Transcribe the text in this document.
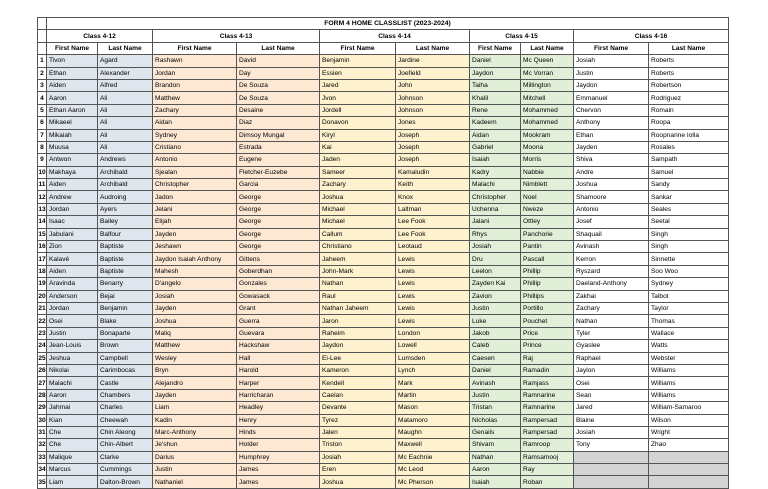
	FORM 4 HOME CLASSLIST (2023-2024)									
	Class 4-12		Class 4-13		Class 4-14		Class 4-15		Class 4-16	
	First Name	Last Name	First Name	Last Name	First Name	Last Name	First Name	Last Name	First Name	Last Name
1	Tivon	Agard	Rashawn	David	Benjamin	Jardine	Daniel	Mc Queen	Josiah	Roberts
2	Ethan	Alexander	Jordan	Day	Essien	Joefield	Jaydon	Mc Vorran	Justin	Roberts
3	Aiden	Alfred	Brandon	De Souza	Jared	John	Taiha	Millington	Jaydon	Robertson
4	Aaron	Ali	Matthew	De Souza	Jvon	Johnson	Khalil	Mitchell	Emmanuel	Rodriguez
5	Ethan Aaron	Ali	Zachary	Desaine	Jordell	Johnson	Rene	Mohammed	Chervon	Romain
6	Mikaeel	Ali	Aidan	Diaz	Donavon	Jones	Kadeem	Mohammed	Anthony	Roopa
7	Mikaiah	Ali	Sydney	Dimsoy Mungal	Kiryl	Joseph	Aidan	Mookram	Ethan	Roopnarine Iolla
8	Muusa	Ali	Cristiano	Estrada	Kai	Joseph	Gabriel	Moona	Jayden	Rosales
9	Antwon	Andrews	Antonio	Eugene	Jaden	Joseph	Isaiah	Morris	Shiva	Sampath
10	Makhaya	Archibald	Sjealan	Fletcher-Euzebe	Sameer	Kamaludin	Kadry	Nabbie	Andre	Samuel
11	Aiden	Archibald	Christopher	Garcia	Zachary	Keith	Malachi	Nimblett	Joshua	Sandy
12	Andrew	Audroing	Jadon	George	Joshua	Knox	Christopher	Noel	Shamoore	Sankar
13	Jordan	Ayers	Jelani	George	Michael	Laltman	Uchenna	Nweze	Antonio	Seales
14	Isaac	Bailey	Elijah	George	Michael	Lee Fook	Jalani	Ottley	Josef	Seetal
15	Jabulani	Balfour	Jayden	George	Callum	Lee Fook	Rhys	Panchorie	Shaquail	Singh
16	Zion	Baptiste	Jeshawn	George	Christiano	Leotaud	Josiah	Pantin	Avinash	Singh
17	Kalavé	Baptiste	Jaydon Isaiah Anthony	Gittens	Jaheem	Lewis	Dru	Pascall	Kerron	Sinnette
18	Aiden	Baptiste	Mahesh	Goberdhan	John-Mark	Lewis	Leelon	Phillip	Ryszard	Soo Woo
19	Aravinda	Benarry	D'angelo	Gonzales	Nathan	Lewis	Zayden Kai	Phillip	Daeland-Anthony	Sydney
20	Anderson	Bejai	Josiah	Gowasack	Raul	Lewis	Zavion	Phillips	Zakhai	Talbot
21	Jordan	Benjamin	Jayden	Grant	Nathan Jaheem	Lewis	Justin	Portillo	Zachary	Taylor
22	Osei	Blake	Joshua	Guerra	Jaron	Lewis	Luke	Pouchet	Nathan	Thomas
23	Justin	Bonaparte	Maliq	Guevara	Raheim	London	Jakob	Price	Tyler	Wallace
24	Jean-Louis	Brown	Matthew	Hackshaw	Jaydon	Lowell	Caleb	Prince	Gyaslee	Watts
25	Jeshua	Campbell	Wesley	Hall	Ei-Lee	Lumsden	Caesen	Raj	Raphael	Webster
26	Nikolai	Carimbocas	Bryn	Harold	Kameron	Lynch	Daniel	Ramadin	Jaylon	Williams
27	Malachi	Castle	Alejandro	Harper	Kendell	Mark	Avinash	Ramjass	Osei	Williams
28	Aaron	Chambers	Jayden	Harricharan	Caelan	Martin	Justin	Ramnarine	Sean	Williams
29	Jahmai	Charles	Liam	Headley	Devante	Mason	Tristan	Ramnarine	Jared	William-Samaroo
30	Kian	Cheewah	Kadin	Henry	Tyrez	Matamoro	Nicholas	Rampersad	Blaine	Wilson
31	Che	Chin Aleong	Marc-Anthony	Hinds	Jalen	Maughn	Genaiis	Rampersad	Josiah	Wright
32	Che	Chin-Albert	Je'shun	Holder	Triston	Maxwell	Shivam	Ramroop	Tony	Zhao
33	Malique	Clarke	Darius	Humphrey	Josiah	Mc Eachnie	Nathan	Ramsamooj		
34	Marcus	Cummings	Justin	James	Eren	Mc Leod	Aaron	Ray		
35	Liam	Dalton-Brown	Nathaniel	James	Joshua	Mc Pherson	Isaiah	Roban		
